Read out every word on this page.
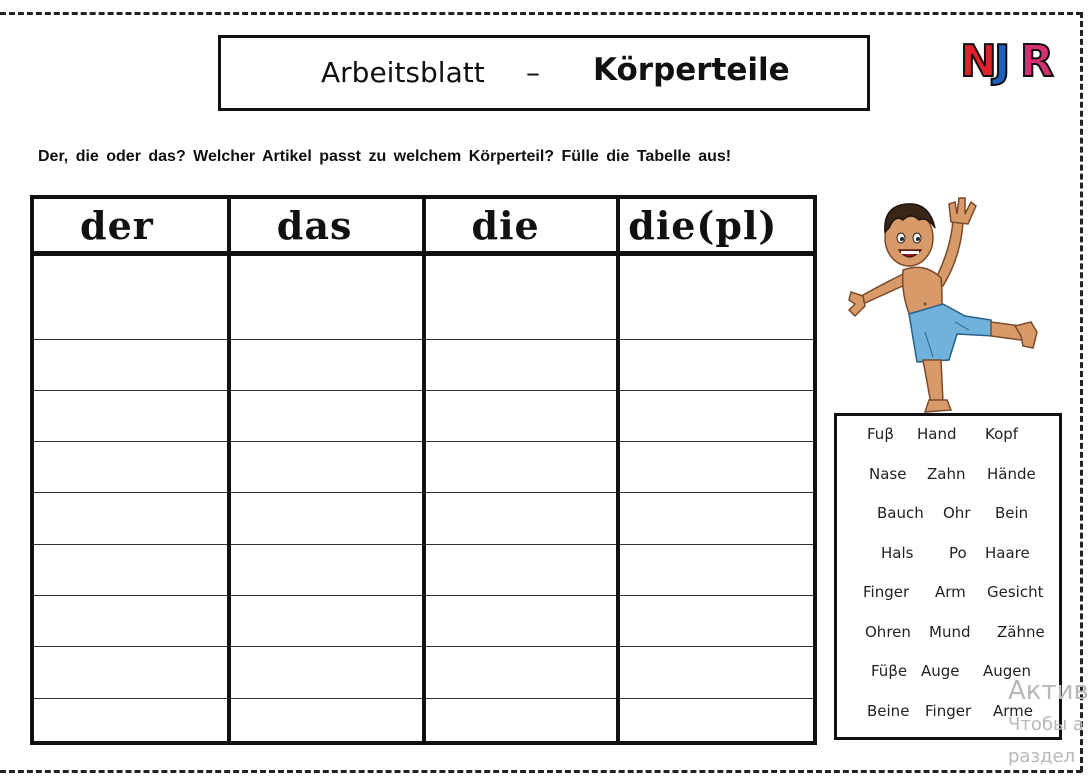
Arbeitsblatt – Körperteile	N
J R
Der, die oder das? Welcher Artikel passt zu welchem Körperteil? Fülle die Tabelle aus!
der	das	die	die(pl)

Fuβ Hand Kopf
Nase Zahn Hände
Bauch Ohr Bein
Hals Po Haare
Finger Arm Gesicht
Ohren Mund Zähne
Füβe Auge Augen
Beine Finger Arme
Актив
Чтобы а
раздел
